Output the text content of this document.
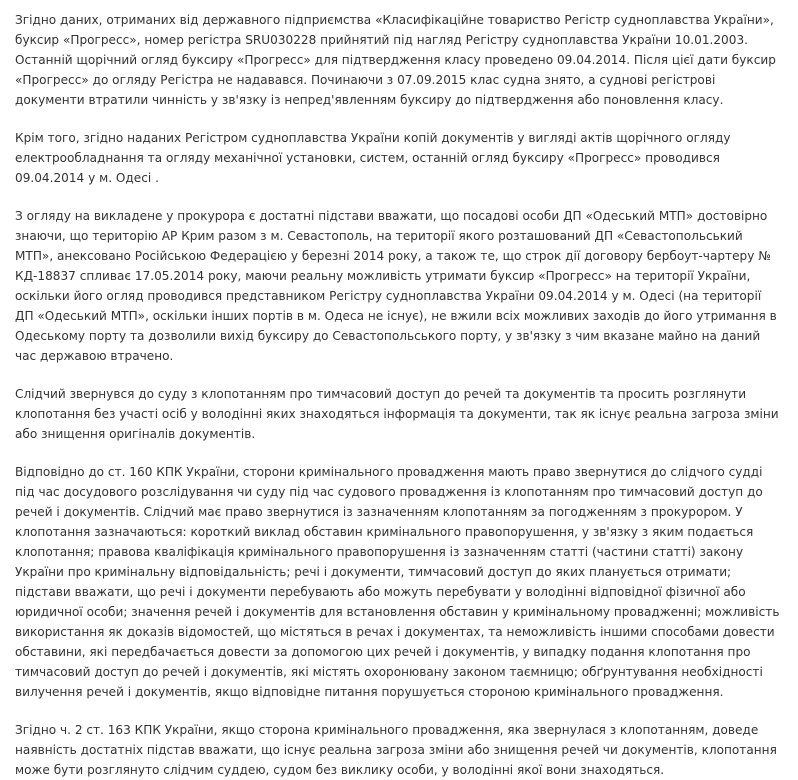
Згідно даних, отриманих від державного підприємства «Класифікаційне товариство Регістр судноплавства України», буксир «Прогресс», номер регістра SRU030228 прийнятий під нагляд Регістру судноплавства України 10.01.2003. Останній щорічний огляд буксиру «Прогресс» для підтвердження класу проведено 09.04.2014. Після цієї дати буксир «Прогресс» до огляду Регістра не надавався. Починаючи з 07.09.2015 клас судна знято, а суднові регістрові документи втратили чинність у зв'язку із непред'явленням буксиру до підтвердження або поновлення класу.

Крім того, згідно наданих Регістром судноплавства України копій документів у вигляді актів щорічного огляду електрообладнання та огляду механічної установки, систем, останній огляд буксиру «Прогресс» проводився 09.04.2014 у м. Одесі .

З огляду на викладене у прокурора є достатні підстави вважати, що посадові особи ДП «Одеський МТП» достовірно знаючи, що територію АР Крим разом з м. Севастополь, на території якого розташований ДП «Севастопольський МТП», анексовано Російською Федерацією у березні 2014 року, а також те, що строк дії договору бербоут-чартеру № КД-18837 спливає 17.05.2014 року, маючи реальну можливість утримати буксир «Прогресс» на території України, оскільки його огляд проводився представником Регістру судноплавства України 09.04.2014 у м. Одесі (на території ДП «Одеський МТП», оскільки інших портів в м. Одеса не існує), не вжили всіх можливих заходів до його утримання в Одеському порту та дозволили вихід буксиру до Севастопольського порту, у зв'язку з чим вказане майно на даний час державою втрачено.

Слідчий звернувся до суду з клопотанням про тимчасовий доступ до речей та документів та просить розглянути клопотання без участі осіб у володінні яких знаходяться інформація та документи, так як існує реальна загроза зміни або знищення оригіналів документів.

Відповідно до ст. 160 КПК України, сторони кримінального провадження мають право звернутися до слідчого судді під час досудового розслідування чи суду під час судового провадження із клопотанням про тимчасовий доступ до речей і документів. Слідчий має право звернутися із зазначенням клопотанням за погодженням з прокурором. У клопотання зазначаються: короткий виклад обставин кримінального правопорушення, у зв'язку з яким подається клопотання; правова кваліфікація кримінального правопорушення із зазначенням статті (частини статті) закону України про кримінальну відповідальність; речі і документи, тимчасовий доступ до яких планується отримати; підстави вважати, що речі і документи перебувають або можуть перебувати у володінні відповідної фізичної або юридичної особи; значення речей і документів для встановлення обставин у кримінальному провадженні; можливість використання як доказів відомостей, що містяться в речах і документах, та неможливість іншими способами довести обставини, які передбачається довести за допомогою цих речей і документів, у випадку подання клопотання про тимчасовий доступ до речей і документів, які містять охоронювану законом таємницю; обґрунтування необхідності вилучення речей і документів, якщо відповідне питання порушується стороною кримінального провадження.

Згідно ч. 2 ст. 163 КПК України, якщо сторона кримінального провадження, яка звернулася з клопотанням, доведе наявність достатніх підстав вважати, що існує реальна загроза зміни або знищення речей чи документів, клопотання може бути розглянуто слідчим суддею, судом без виклику особи, у володінні якої вони знаходяться.
